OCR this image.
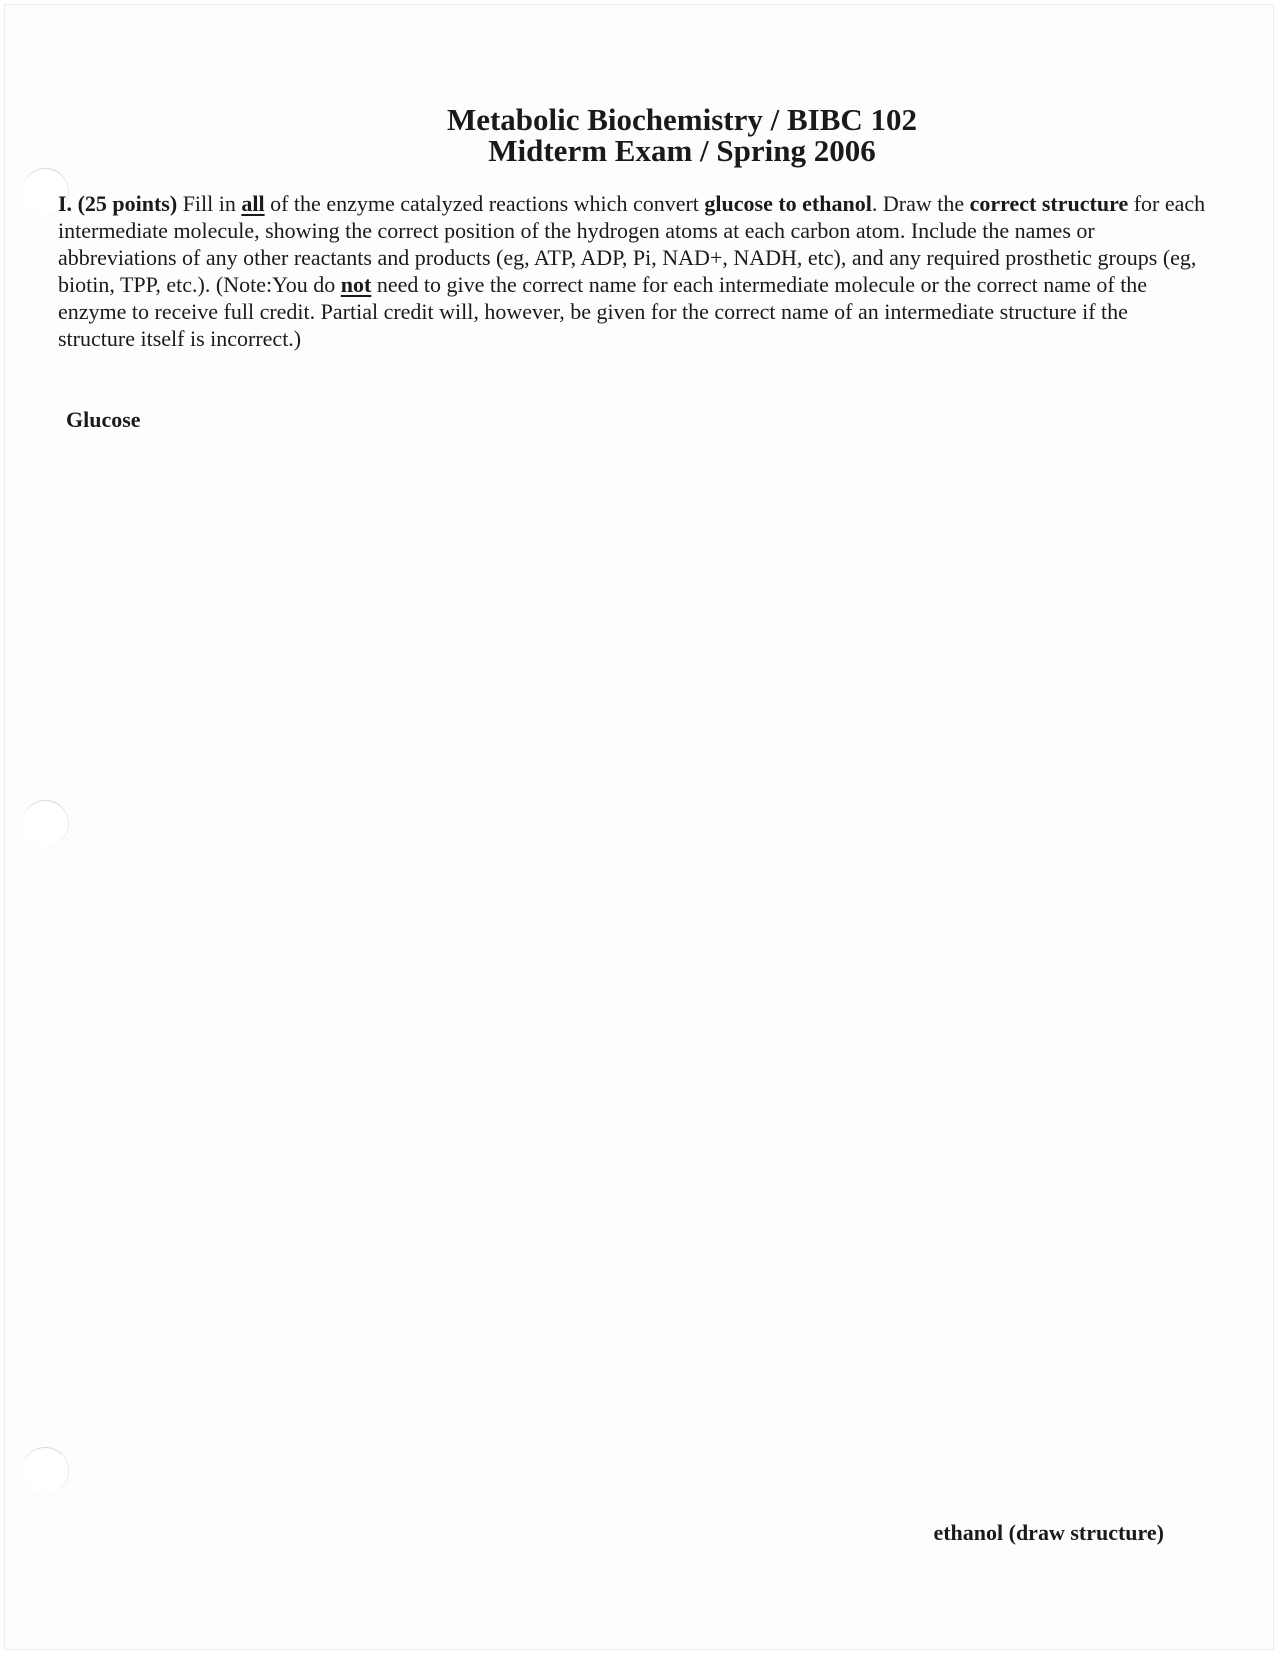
Metabolic Biochemistry / BIBC 102
Midterm Exam / Spring 2006
I. (25 points) Fill in all of the enzyme catalyzed reactions which convert glucose to ethanol. Draw the correct structure for each intermediate molecule, showing the correct position of the hydrogen atoms at each carbon atom. Include the names or abbreviations of any other reactants and products (eg, ATP, ADP, Pi, NAD+, NADH, etc), and any required prosthetic groups (eg, biotin, TPP, etc.). (Note:You do not need to give the correct name for each intermediate molecule or the correct name of the enzyme to receive full credit. Partial credit will, however, be given for the correct name of an intermediate structure if the structure itself is incorrect.)
Glucose
ethanol (draw structure)
